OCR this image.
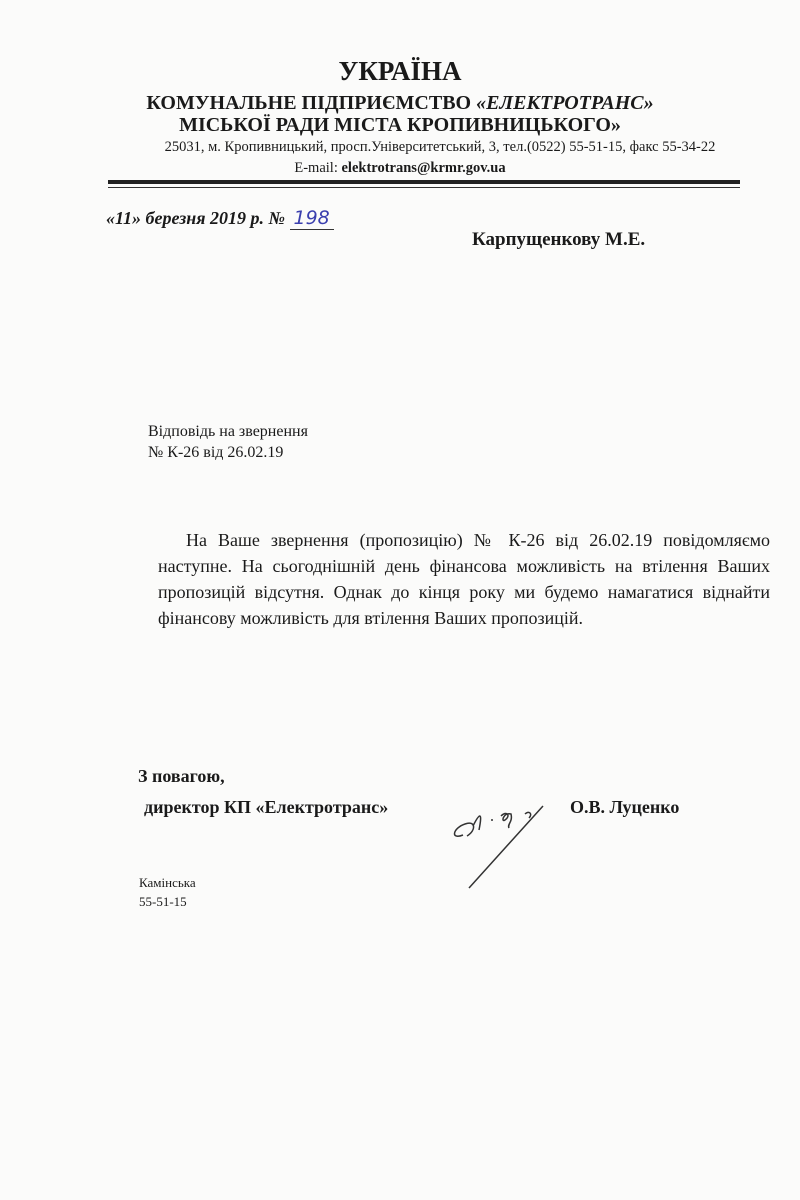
УКРАЇНА
КОМУНАЛЬНЕ ПІДПРИЄМСТВО «ЕЛЕКТРОТРАНС»
МІСЬКОЇ РАДИ МІСТА КРОПИВНИЦЬКОГО»
25031, м. Кропивницький, просп.Університетський, 3, тел.(0522) 55-51-15, факс 55-34-22
E-mail: elektrotrans@krmr.gov.ua
«11» березня 2019 р. № 198
Карпущенкову М.Е.
Відповідь на звернення
№ К-26 від 26.02.19
На Ваше звернення (пропозицію) № К-26 від 26.02.19 повідомляємо наступне. На сьогоднішній день фінансова можливість на втілення Ваших пропозицій відсутня. Однак до кінця року ми будемо намагатися віднайти фінансову можливість для втілення Ваших пропозицій.
З повагою,
директор КП «Електротранс»	О.В. Луценко
Камінська
55-51-15
